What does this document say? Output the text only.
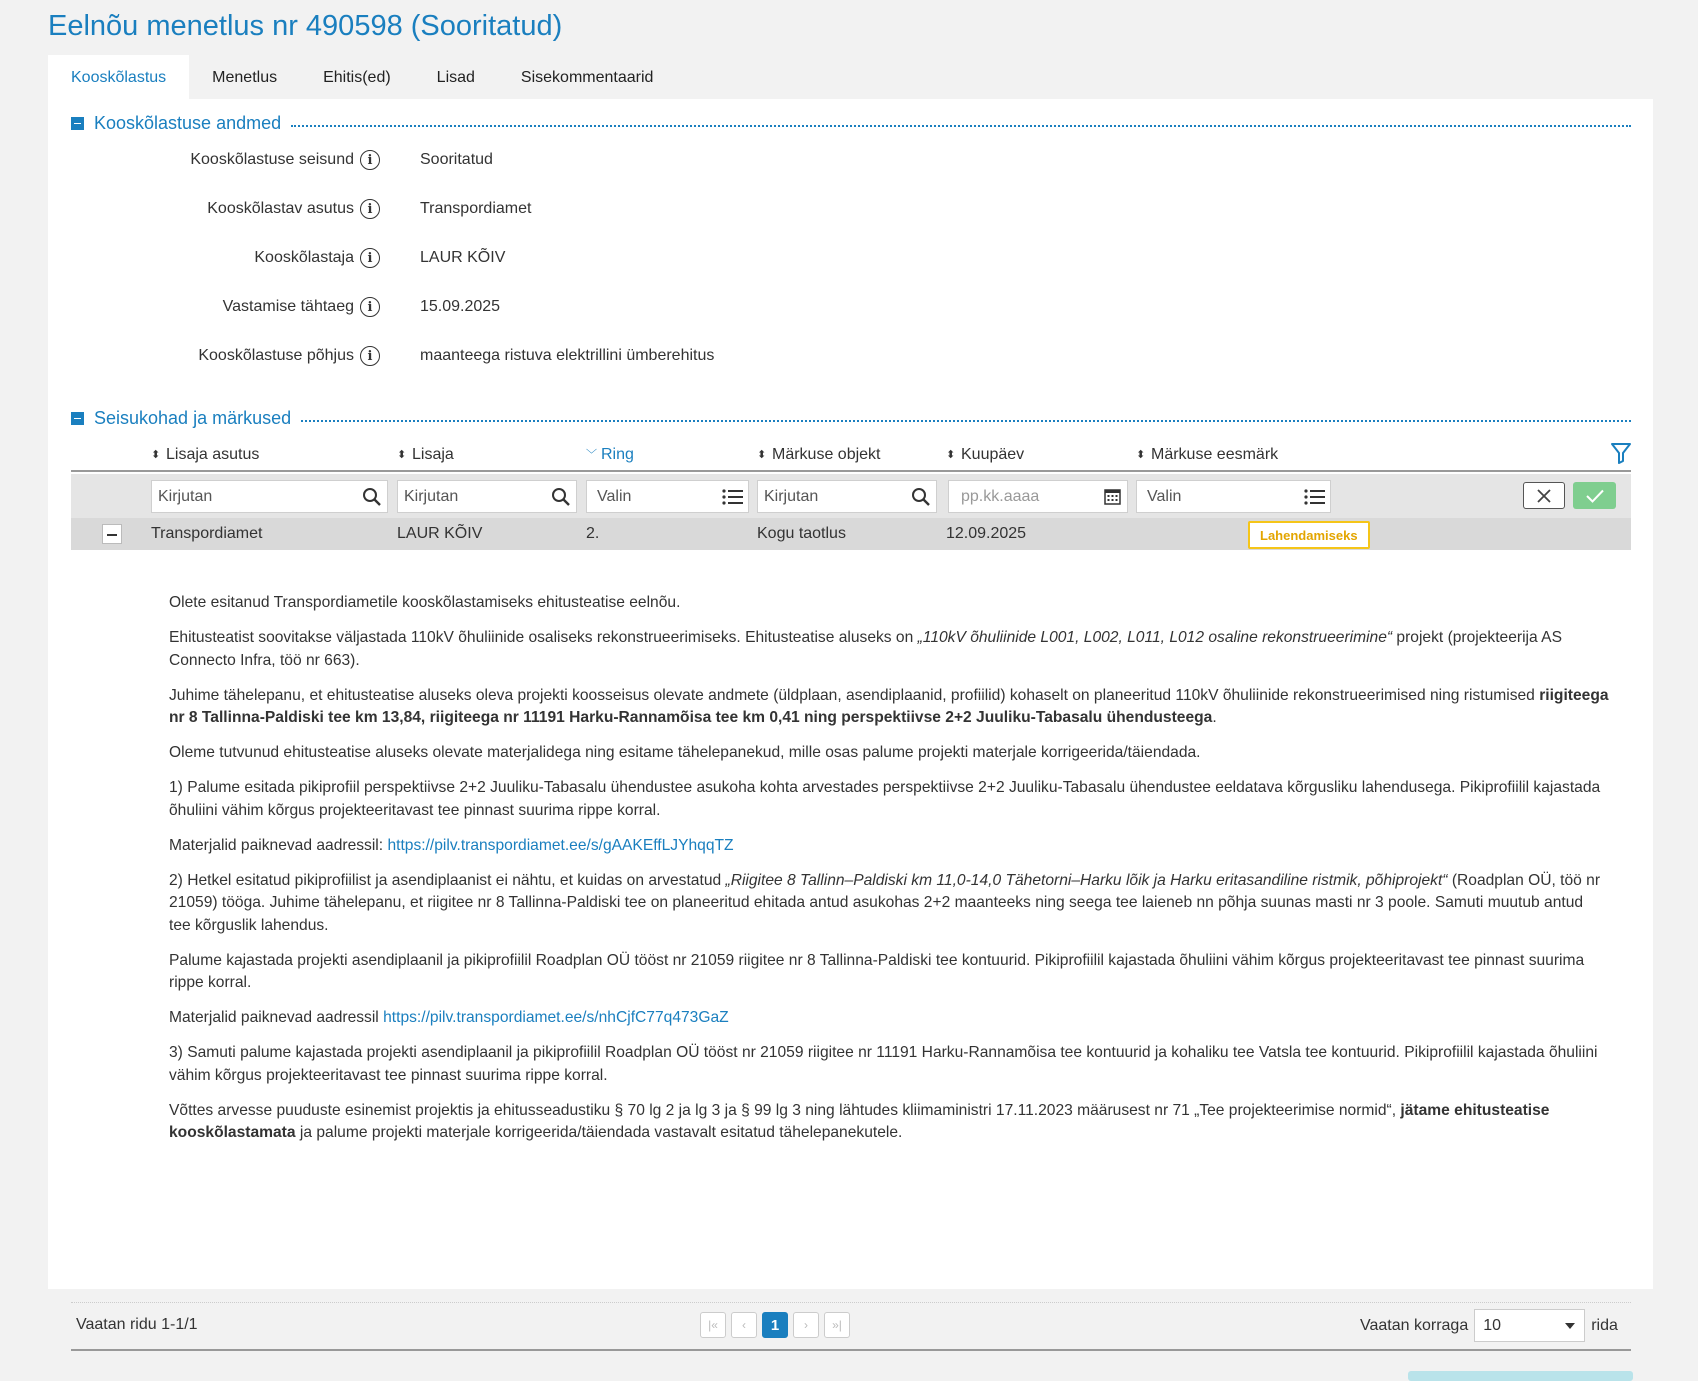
Eelnõu menetlus nr 490598 (Sooritatud)
Kooskõlastus	Menetlus	Ehitis(ed)	Lisad	Sisekommentaarid
Kooskõlastuse andmed
Kooskõlastuse seisund	i	Sooritatud
Kooskõlastav asutus	i	Transpordiamet
Kooskõlastaja	i	LAUR KÕIV
Vastamise tähtaeg	i	15.09.2025
Kooskõlastuse põhjus	i	maanteega ristuva elektrillini ümberehitus
Seisukohad ja märkused
⬍ Lisaja asutus	⬍ Lisaja	﹀ Ring	⬍ Märkuse objekt	⬍ Kuupäev	⬍ Märkuse eesmärk
Kirjutan	Kirjutan	Valin	Kirjutan	pp.kk.aaaa	Valin
Transpordiamet	LAUR KÕIV	2.	Kogu taotlus	12.09.2025	Lahendamiseks
Vaatan ridu 1-1/1	|«	‹	1	›	»|	Vaatan korraga 10	rida

Olete esitanud Transpordiametile kooskõlastamiseks ehitusteatise eelnõu.

Ehitusteatist soovitakse väljastada 110kV õhuliinide osaliseks rekonstrueerimiseks. Ehitusteatise aluseks on „110kV õhuliinide L001, L002, L011, L012 osaline rekonstrueerimine“ projekt (projekteerija AS Connecto Infra, töö nr 663).

Juhime tähelepanu, et ehitusteatise aluseks oleva projekti koosseisus olevate andmete (üldplaan, asendiplaanid, profiilid) kohaselt on planeeritud 110kV õhuliinide rekonstrueerimised ning ristumised riigiteega nr 8 Tallinna-Paldiski tee km 13,84, riigiteega nr 11191 Harku-Rannamõisa tee km 0,41 ning perspektiivse 2+2 Juuliku-Tabasalu ühendusteega.

Oleme tutvunud ehitusteatise aluseks olevate materjalidega ning esitame tähelepanekud, mille osas palume projekti materjale korrigeerida/täiendada.

1) Palume esitada pikiprofiil perspektiivse 2+2 Juuliku-Tabasalu ühendustee asukoha kohta arvestades perspektiivse 2+2 Juuliku-Tabasalu ühendustee eeldatava kõrgusliku lahendusega. Pikiprofiilil kajastada õhuliini vähim kõrgus projekteeritavast tee pinnast suurima rippe korral.

Materjalid paiknevad aadressil: https://pilv.transpordiamet.ee/s/gAAKEffLJYhqqTZ

2) Hetkel esitatud pikiprofiilist ja asendiplaanist ei nähtu, et kuidas on arvestatud „Riigitee 8 Tallinn–Paldiski km 11,0-14,0 Tähetorni–Harku lõik ja Harku eritasandiline ristmik, põhiprojekt“ (Roadplan OÜ, töö nr 21059) tööga. Juhime tähelepanu, et riigitee nr 8 Tallinna-Paldiski tee on planeeritud ehitada antud asukohas 2+2 maanteeks ning seega tee laieneb nn põhja suunas masti nr 3 poole. Samuti muutub antud tee kõrguslik lahendus.

Palume kajastada projekti asendiplaanil ja pikiprofiilil Roadplan OÜ tööst nr 21059 riigitee nr 8 Tallinna-Paldiski tee kontuurid. Pikiprofiilil kajastada õhuliini vähim kõrgus projekteeritavast tee pinnast suurima rippe korral.

Materjalid paiknevad aadressil https://pilv.transpordiamet.ee/s/nhCjfC77q473GaZ

3) Samuti palume kajastada projekti asendiplaanil ja pikiprofiilil Roadplan OÜ tööst nr 21059 riigitee nr 11191 Harku-Rannamõisa tee kontuurid ja kohaliku tee Vatsla tee kontuurid. Pikiprofiilil kajastada õhuliini vähim kõrgus projekteeritavast tee pinnast suurima rippe korral.

Võttes arvesse puuduste esinemist projektis ja ehitusseadustiku § 70 lg 2 ja lg 3 ja § 99 lg 3 ning lähtudes kliimaministri 17.11.2023 määrusest nr 71 „Tee projekteerimise normid“, jätame ehitusteatise kooskõlastamata ja palume projekti materjale korrigeerida/täiendada vastavalt esitatud tähelepanekutele.
